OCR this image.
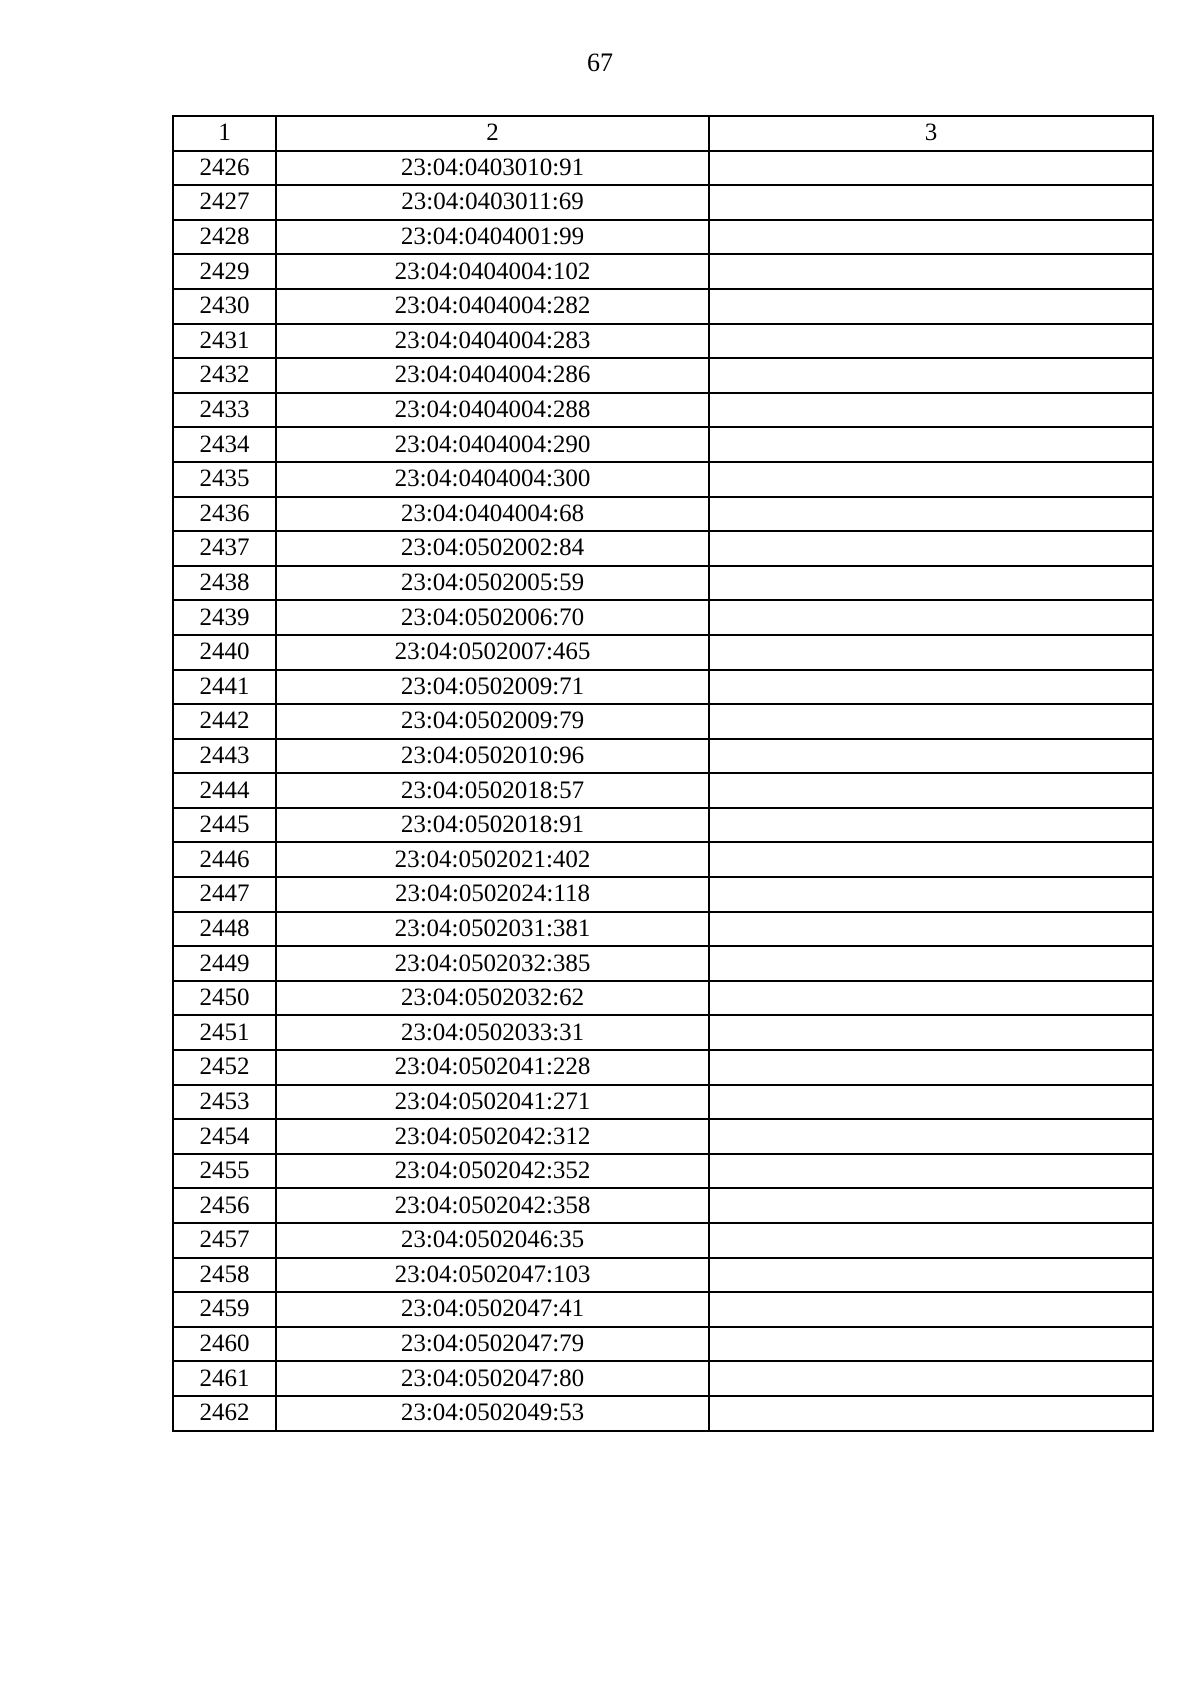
67
1	2	3
2426	23:04:0403010:91	
2427	23:04:0403011:69	
2428	23:04:0404001:99	
2429	23:04:0404004:102	
2430	23:04:0404004:282	
2431	23:04:0404004:283	
2432	23:04:0404004:286	
2433	23:04:0404004:288	
2434	23:04:0404004:290	
2435	23:04:0404004:300	
2436	23:04:0404004:68	
2437	23:04:0502002:84	
2438	23:04:0502005:59	
2439	23:04:0502006:70	
2440	23:04:0502007:465	
2441	23:04:0502009:71	
2442	23:04:0502009:79	
2443	23:04:0502010:96	
2444	23:04:0502018:57	
2445	23:04:0502018:91	
2446	23:04:0502021:402	
2447	23:04:0502024:118	
2448	23:04:0502031:381	
2449	23:04:0502032:385	
2450	23:04:0502032:62	
2451	23:04:0502033:31	
2452	23:04:0502041:228	
2453	23:04:0502041:271	
2454	23:04:0502042:312	
2455	23:04:0502042:352	
2456	23:04:0502042:358	
2457	23:04:0502046:35	
2458	23:04:0502047:103	
2459	23:04:0502047:41	
2460	23:04:0502047:79	
2461	23:04:0502047:80	
2462	23:04:0502049:53	
